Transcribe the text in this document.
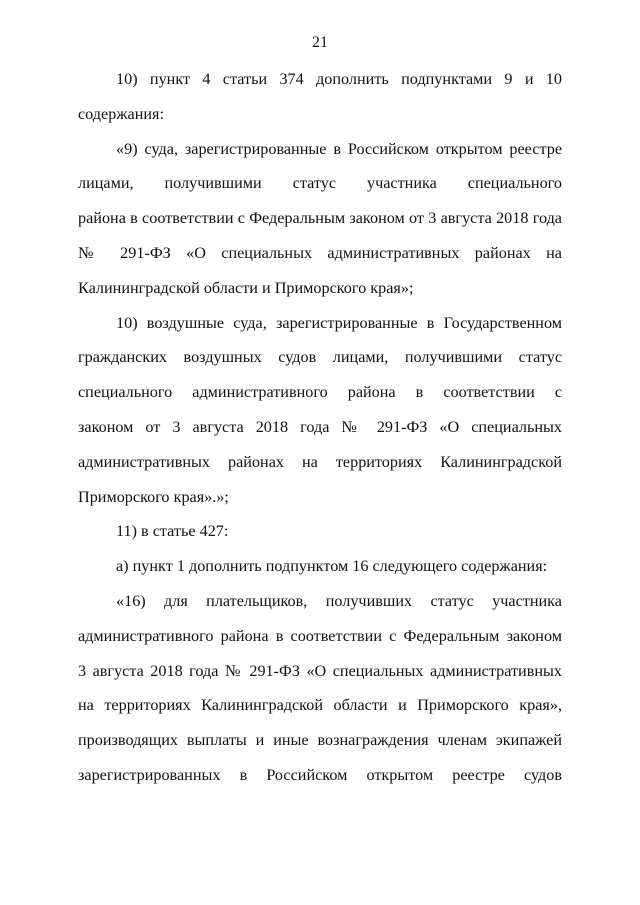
21
10) пункт 4 статьи 374 дополнить подпунктами 9 и 10
содержания:
«9) суда, зарегистрированные в Российском открытом реестре
лицами, получившими статус участника специального
района в соответствии с Федеральным законом от 3 августа 2018 года
№ 291-ФЗ «О специальных административных районах на
Калининградской области и Приморского края»;
10) воздушные суда, зарегистрированные в Государственном
гражданских воздушных судов лицами, получившими статус
специального административного района в соответствии с
законом от 3 августа 2018 года № 291-ФЗ «О специальных
административных районах на территориях Калининградской
Приморского края».»;
11) в статье 427:
а) пункт 1 дополнить подпунктом 16 следующего содержания:
«16) для плательщиков, получивших статус участника
административного района в соответствии с Федеральным законом
3 августа 2018 года № 291-ФЗ «О специальных административных
на территориях Калининградской области и Приморского края»,
производящих выплаты и иные вознаграждения членам экипажей
зарегистрированных в Российском открытом реестре судов
